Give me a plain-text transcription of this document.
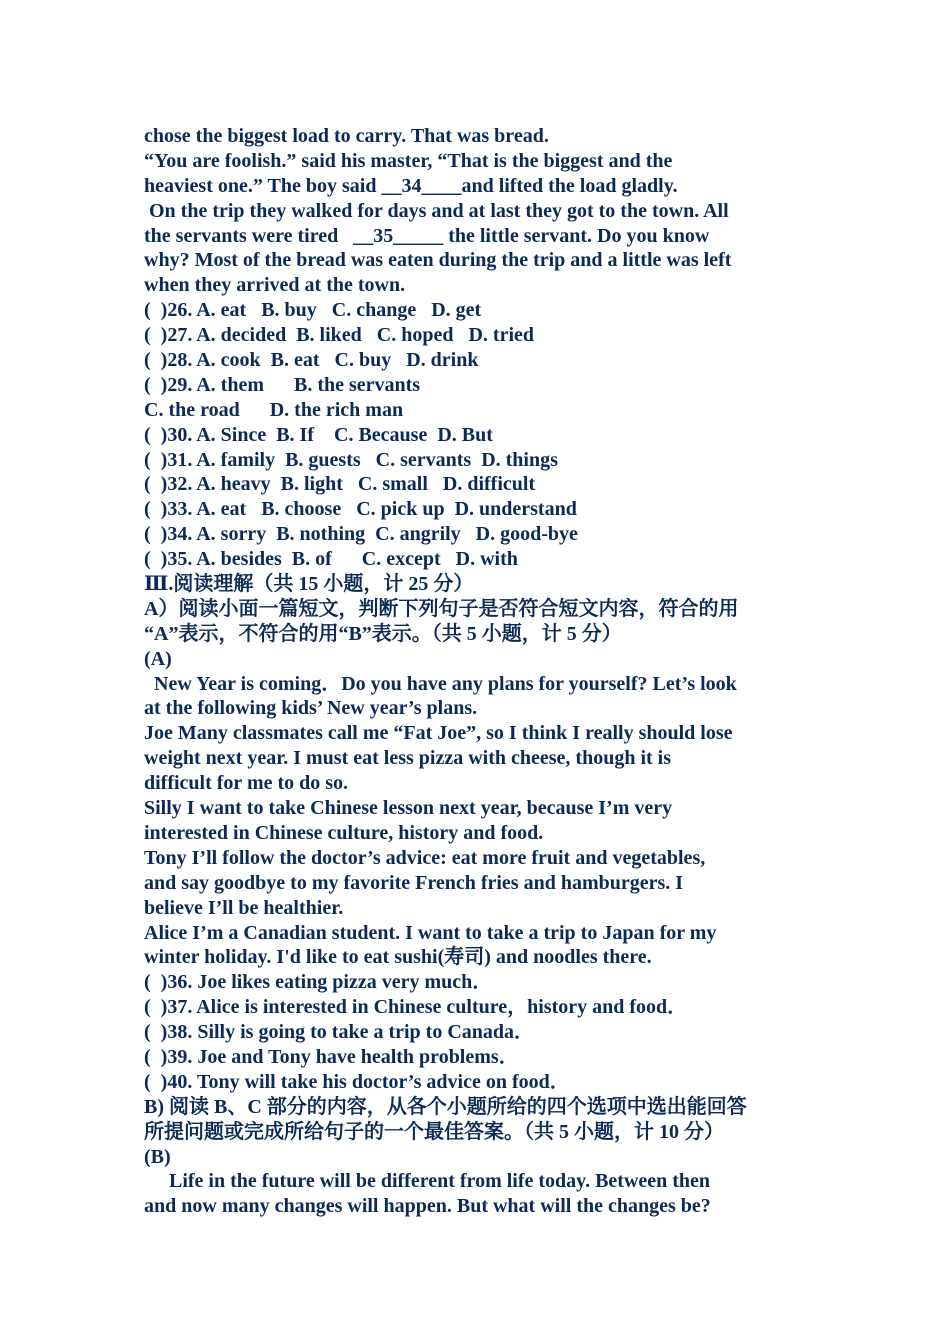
chose the biggest load to carry. That was bread.
“You are foolish.” said his master, “That is the biggest and the
heaviest one.” The boy said __34____and lifted the load gladly.
On the trip they walked for days and at last they got to the town. All
the servants were tired   __35_____ the little servant. Do you know
why? Most of the bread was eaten during the trip and a little was left
when they arrived at the town.
(  )26. A. eat   B. buy   C. change   D. get
(  )27. A. decided  B. liked   C. hoped   D. tried
(  )28. A. cook  B. eat   C. buy   D. drink
(  )29. A. them      B. the servants
C. the road      D. the rich man
(  )30. A. Since  B. If    C. Because  D. But
(  )31. A. family  B. guests   C. servants  D. things
(  )32. A. heavy  B. light   C. small   D. difficult
(  )33. A. eat   B. choose   C. pick up  D. understand
(  )34. A. sorry  B. nothing  C. angrily   D. good-bye
(  )35. A. besides  B. of      C. except   D. with
Ⅲ.阅读理解（共 15 小题，计 25 分）
A）阅读小面一篇短文，判断下列句子是否符合短文内容，符合的用
“A”表示，不符合的用“B”表示。（共 5 小题，计 5 分）
(A)
New Year is coming．Do you have any plans for yourself? Let’s look
at the following kids’ New year’s plans.
Joe Many classmates call me “Fat Joe”, so I think I really should lose
weight next year. I must eat less pizza with cheese, though it is
difficult for me to do so.
Silly I want to take Chinese lesson next year, because I’m very
interested in Chinese culture, history and food.
Tony I’ll follow the doctor’s advice: eat more fruit and vegetables,
and say goodbye to my favorite French fries and hamburgers. I
believe I’ll be healthier.
Alice I’m a Canadian student. I want to take a trip to Japan for my
winter holiday. I'd like to eat sushi(寿司) and noodles there.
(  )36. Joe likes eating pizza very much．
(  )37. Alice is interested in Chinese culture，history and food．
(  )38. Silly is going to take a trip to Canada．
(  )39. Joe and Tony have health problems．
(  )40. Tony will take his doctor’s advice on food．
B) 阅读 B、C 部分的内容，从各个小题所给的四个选项中选出能回答
所提问题或完成所给句子的一个最佳答案。（共 5 小题，计 10 分）
(B)
Life in the future will be different from life today. Between then
and now many changes will happen. But what will the changes be?
